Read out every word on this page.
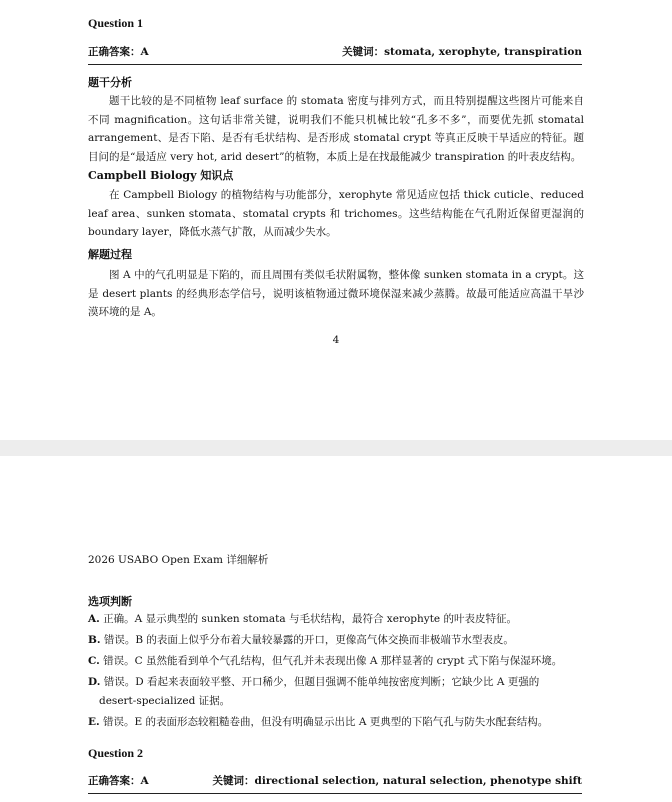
Question 1
正确答案：A	关键词：stomata, xerophyte, transpiration
题干分析

题干比较的是不同植物 leaf surface 的 stomata 密度与排列方式，而且特别提醒这些图片可能来自不同 magnification。这句话非常关键，说明我们不能只机械比较“孔多不多”，而要优先抓 stomatal arrangement、是否下陷、是否有毛状结构、是否形成 stomatal crypt 等真正反映干旱适应的特征。题目问的是“最适应 very hot, arid desert”的植物，本质上是在找最能减少 transpiration 的叶表皮结构。

Campbell Biology 知识点

在 Campbell Biology 的植物结构与功能部分，xerophyte 常见适应包括 thick cuticle、reduced leaf area、sunken stomata、stomatal crypts 和 trichomes。这些结构能在气孔附近保留更湿润的 boundary layer，降低水蒸气扩散，从而减少失水。

解题过程

图 A 中的气孔明显是下陷的，而且周围有类似毛状附属物，整体像 sunken stomata in a crypt。这是 desert plants 的经典形态学信号，说明该植物通过微环境保湿来减少蒸腾。故最可能适应高温干旱沙漠环境的是 A。

4
2026 USABO Open Exam 详细解析
选项判断
A. 正确。A 显示典型的 sunken stomata 与毛状结构，最符合 xerophyte 的叶表皮特征。
B. 错误。B 的表面上似乎分布着大量较暴露的开口，更像高气体交换而非极端节水型表皮。
C. 错误。C 虽然能看到单个气孔结构，但气孔并未表现出像 A 那样显著的 crypt 式下陷与保湿环境。
D. 错误。D 看起来表面较平整、开口稀少，但题目强调不能单纯按密度判断；它缺少比 A 更强的
desert-specialized 证据。
E. 错误。E 的表面形态较粗糙卷曲，但没有明确显示出比 A 更典型的下陷气孔与防失水配套结构。
Question 2
正确答案：A	关键词：directional selection, natural selection, phenotype shift
